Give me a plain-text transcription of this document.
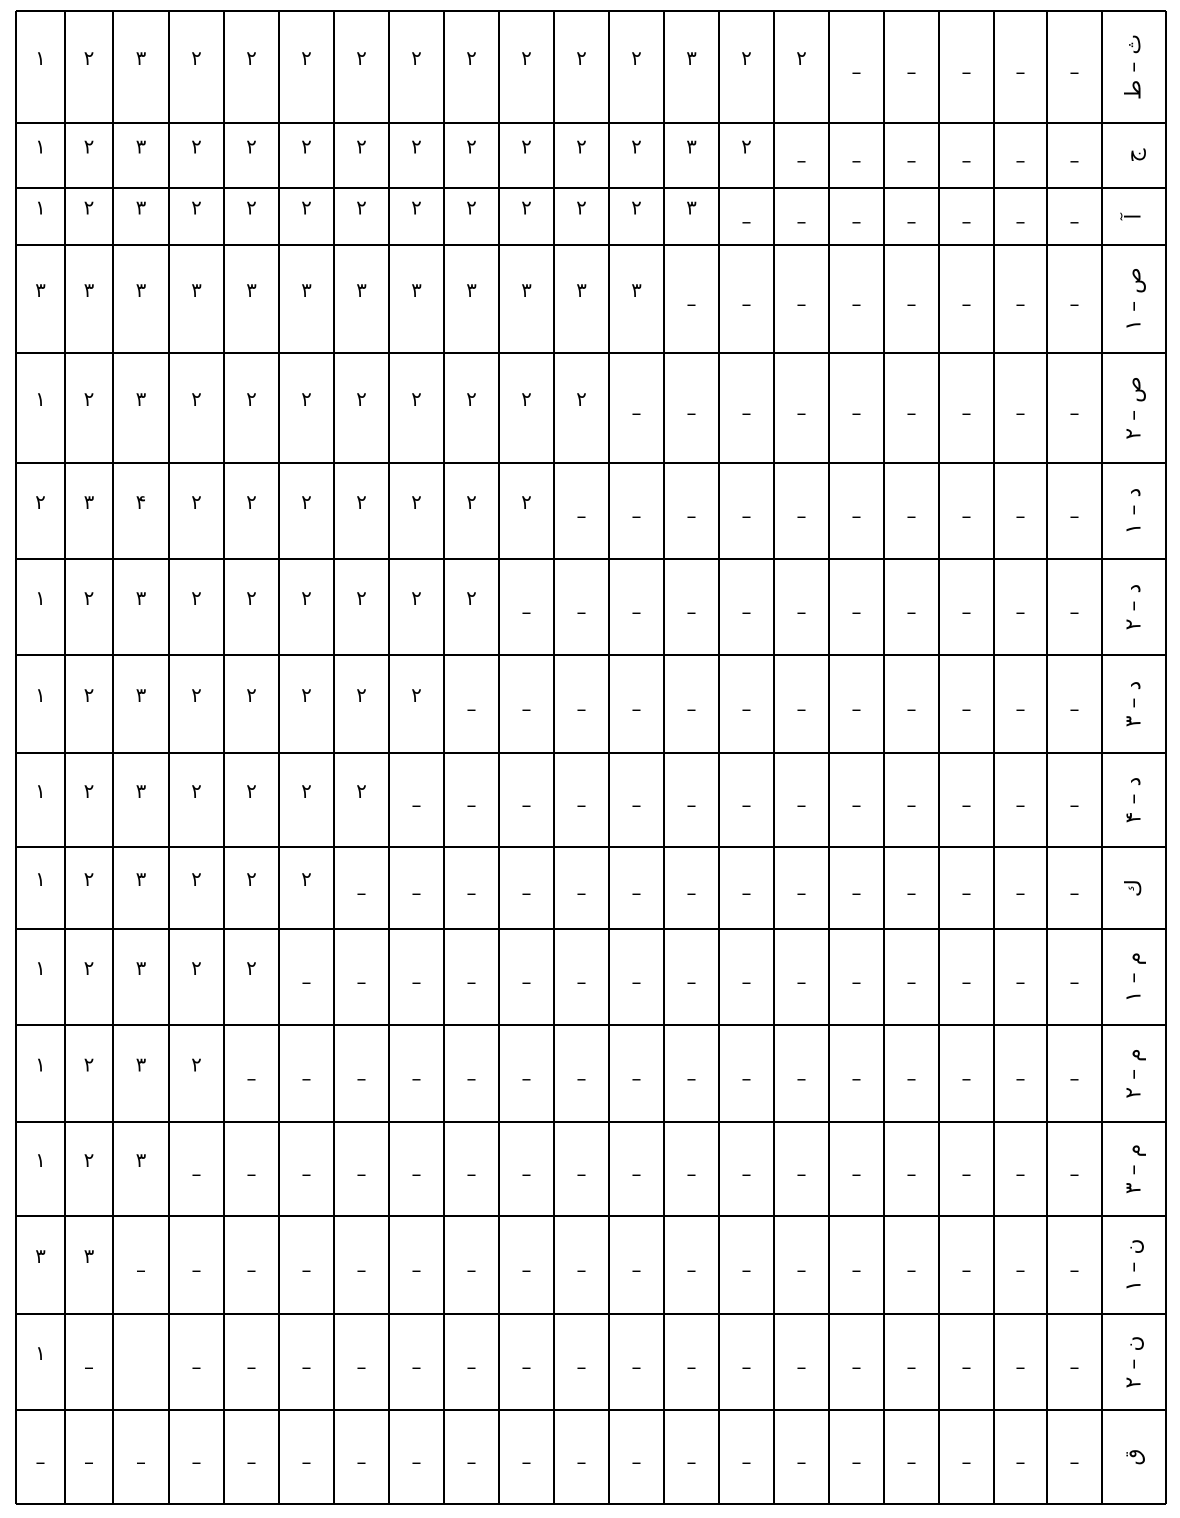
١ ٢ ٣ ٢ ٢ ٢ ٢ ٢ ٢ ٢ ٢ ٢ ٣ ٢ ٢
– – – – – ث – ط
١ ٢ ٣ ٢ ٢ ٢ ٢ ٢ ٢ ٢ ٢ ٢ ٣ ٢
– – – – – – ج
١ ٢ ٣ ٢ ٢ ٢ ٢ ٢ ٢ ٢ ٢ ٢ ٣
– – – – – – – آ
٣ ٣ ٣ ٣ ٣ ٣ ٣ ٣ ٣ ٣ ٣ ٣
– – – – – – – –
ص – ١
١ ٢ ٣ ٢ ٢ ٢ ٢ ٢ ٢ ٢ ٢
– – – – – – – – –
ص – ٢
٢ ٣ ۴ ٢ ٢ ٢ ٢ ٢ ٢ ٢
– – – – – – – – – –
د – ١
١ ٢ ٣ ٢ ٢ ٢ ٢ ٢ ٢
– – – – – – – – – – –
د – ٢
١ ٢ ٣ ٢ ٢ ٢ ٢ ٢
– – – – – – – – – – – –
د – ٣
١ ٢ ٣ ٢ ٢ ٢ ٢
– – – – – – – – – – – – –
د – ۴
١ ٢ ٣ ٢ ٢ ٢
– – – – – – – – – – – – – – ك
١ ٢ ٣ ٢ ٢
– – – – – – – – – – – – – – –
م – ١
١ ٢ ٣ ٢
– – – – – – – – – – – – – – – –
م – ٢
١ ٢ ٣
– – – – – – – – – – – – – – – – –
م – ٣
٣ ٣
– – – – – – – – – – – – – – – – – –
ن – ١
١
–	– – – – – – – – – – – – – – – – –
ن – ٢
– – – – – – – – – – – – – – – – – – – – ق
